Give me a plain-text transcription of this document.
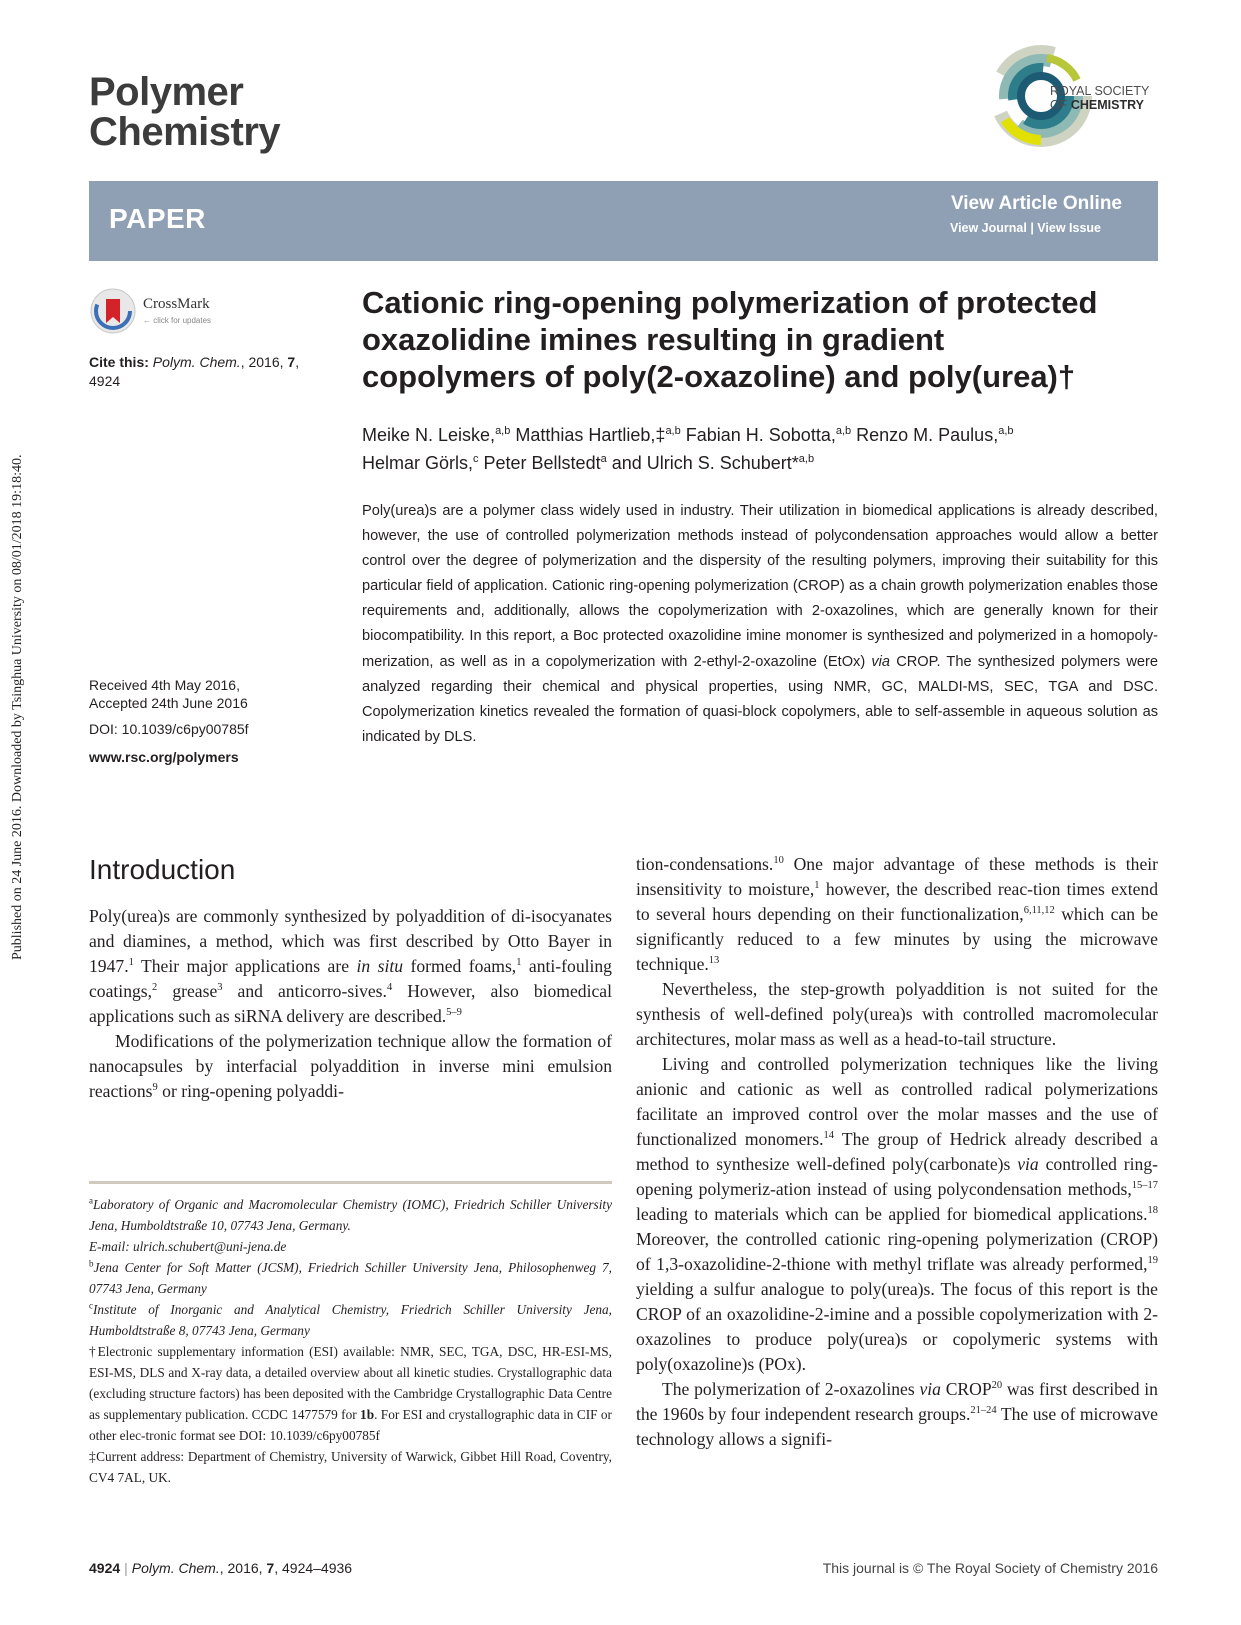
Published on 24 June 2016. Downloaded by Tsinghua University on 08/01/2018 19:18:40.
Polymer
Chemistry
ROYAL SOCIETY
OF CHEMISTRY
PAPER	View Article Online
View Journal | View Issue
CrossMark
← click for updates
Cite this: Polym. Chem., 2016, 7,
4924
Received 4th May 2016,
Accepted 24th June 2016
DOI: 10.1039/c6py00785f
www.rsc.org/polymers
Cationic ring-opening polymerization of protected
oxazolidine imines resulting in gradient
copolymers of poly(2-oxazoline) and poly(urea)†
Meike N. Leiske,$^{a,b}$ Matthias Hartlieb,‡$^{a,b}$ Fabian H. Sobotta,$^{a,b}$ Renzo M. Paulus,$^{a,b}$
Helmar Görls,$^c$ Peter Bellstedt$^a$ and Ulrich S. Schubert*$^{a,b}$
Poly(urea)s are a polymer class widely used in industry. Their utilization in biomedical applications is already described, however, the use of controlled polymerization methods instead of polycondensation approaches would allow a better control over the degree of polymerization and the dispersity of the resulting polymers, improving their suitability for this particular field of application. Cationic ring-opening polymerization (CROP) as a chain growth polymerization enables those requirements and, additionally, allows the copolymerization with 2-oxazolines, which are generally known for their biocompatibility. In this report, a Boc protected oxazolidine imine monomer is synthesized and polymerized in a homopoly-merization, as well as in a copolymerization with 2-ethyl-2-oxazoline (EtOx) via CROP. The synthesized polymers were analyzed regarding their chemical and physical properties, using NMR, GC, MALDI-MS, SEC, TGA and DSC. Copolymerization kinetics revealed the formation of quasi-block copolymers, able to self-assemble in aqueous solution as indicated by DLS.
Introduction

Poly(urea)s are commonly synthesized by polyaddition of di-isocyanates and diamines, a method, which was first described by Otto Bayer in 1947.$^1$ Their major applications are in situ formed foams,$^1$ anti-fouling coatings,$^2$ grease$^3$ and anticorro-sives.$^4$ However, also biomedical applications such as siRNA delivery are described.$^{5-9}$

Modifications of the polymerization technique allow the formation of nanocapsules by interfacial polyaddition in inverse mini emulsion reactions$^9$ or ring-opening polyaddi-

tion-condensations.$^{10}$ One major advantage of these methods is their insensitivity to moisture,$^1$ however, the described reac-tion times extend to several hours depending on their functionalization,$^{6,11,12}$ which can be significantly reduced to a few minutes by using the microwave technique.$^{13}$

Nevertheless, the step-growth polyaddition is not suited for the synthesis of well-defined poly(urea)s with controlled macromolecular architectures, molar mass as well as a head-to-tail structure.

Living and controlled polymerization techniques like the living anionic and cationic as well as controlled radical polymerizations facilitate an improved control over the molar masses and the use of functionalized monomers.$^{14}$ The group of Hedrick already described a method to synthesize well-defined poly(carbonate)s via controlled ring-opening polymeriz-ation instead of using polycondensation methods,$^{15-17}$ leading to materials which can be applied for biomedical applications.$^{18}$ Moreover, the controlled cationic ring-opening polymerization (CROP) of 1,3-oxazolidine-2-thione with methyl triflate was already performed,$^{19}$ yielding a sulfur analogue to poly(urea)s. The focus of this report is the CROP of an oxazolidine-2-imine and a possible copolymerization with 2-oxazolines to produce poly(urea)s or copolymeric systems with poly(oxazoline)s (POx).

The polymerization of 2-oxazolines via CROP$^{20}$ was first described in the 1960s by four independent research groups.$^{21-24}$ The use of microwave technology allows a signifi-

$^a$Laboratory of Organic and Macromolecular Chemistry (IOMC), Friedrich Schiller University Jena, Humboldtstraße 10, 07743 Jena, Germany.

E-mail: ulrich.schubert@uni-jena.de

$^b$Jena Center for Soft Matter (JCSM), Friedrich Schiller University Jena, Philosophenweg 7, 07743 Jena, Germany

$^c$Institute of Inorganic and Analytical Chemistry, Friedrich Schiller University Jena, Humboldtstraße 8, 07743 Jena, Germany

†Electronic supplementary information (ESI) available: NMR, SEC, TGA, DSC, HR-ESI-MS, ESI-MS, DLS and X-ray data, a detailed overview about all kinetic studies. Crystallographic data (excluding structure factors) has been deposited with the Cambridge Crystallographic Data Centre as supplementary publication. CCDC 1477579 for 1b. For ESI and crystallographic data in CIF or other elec-tronic format see DOI: 10.1039/c6py00785f

‡Current address: Department of Chemistry, University of Warwick, Gibbet Hill Road, Coventry, CV4 7AL, UK.

4924 | Polym. Chem., 2016, 7, 4924–4936	This journal is © The Royal Society of Chemistry 2016
